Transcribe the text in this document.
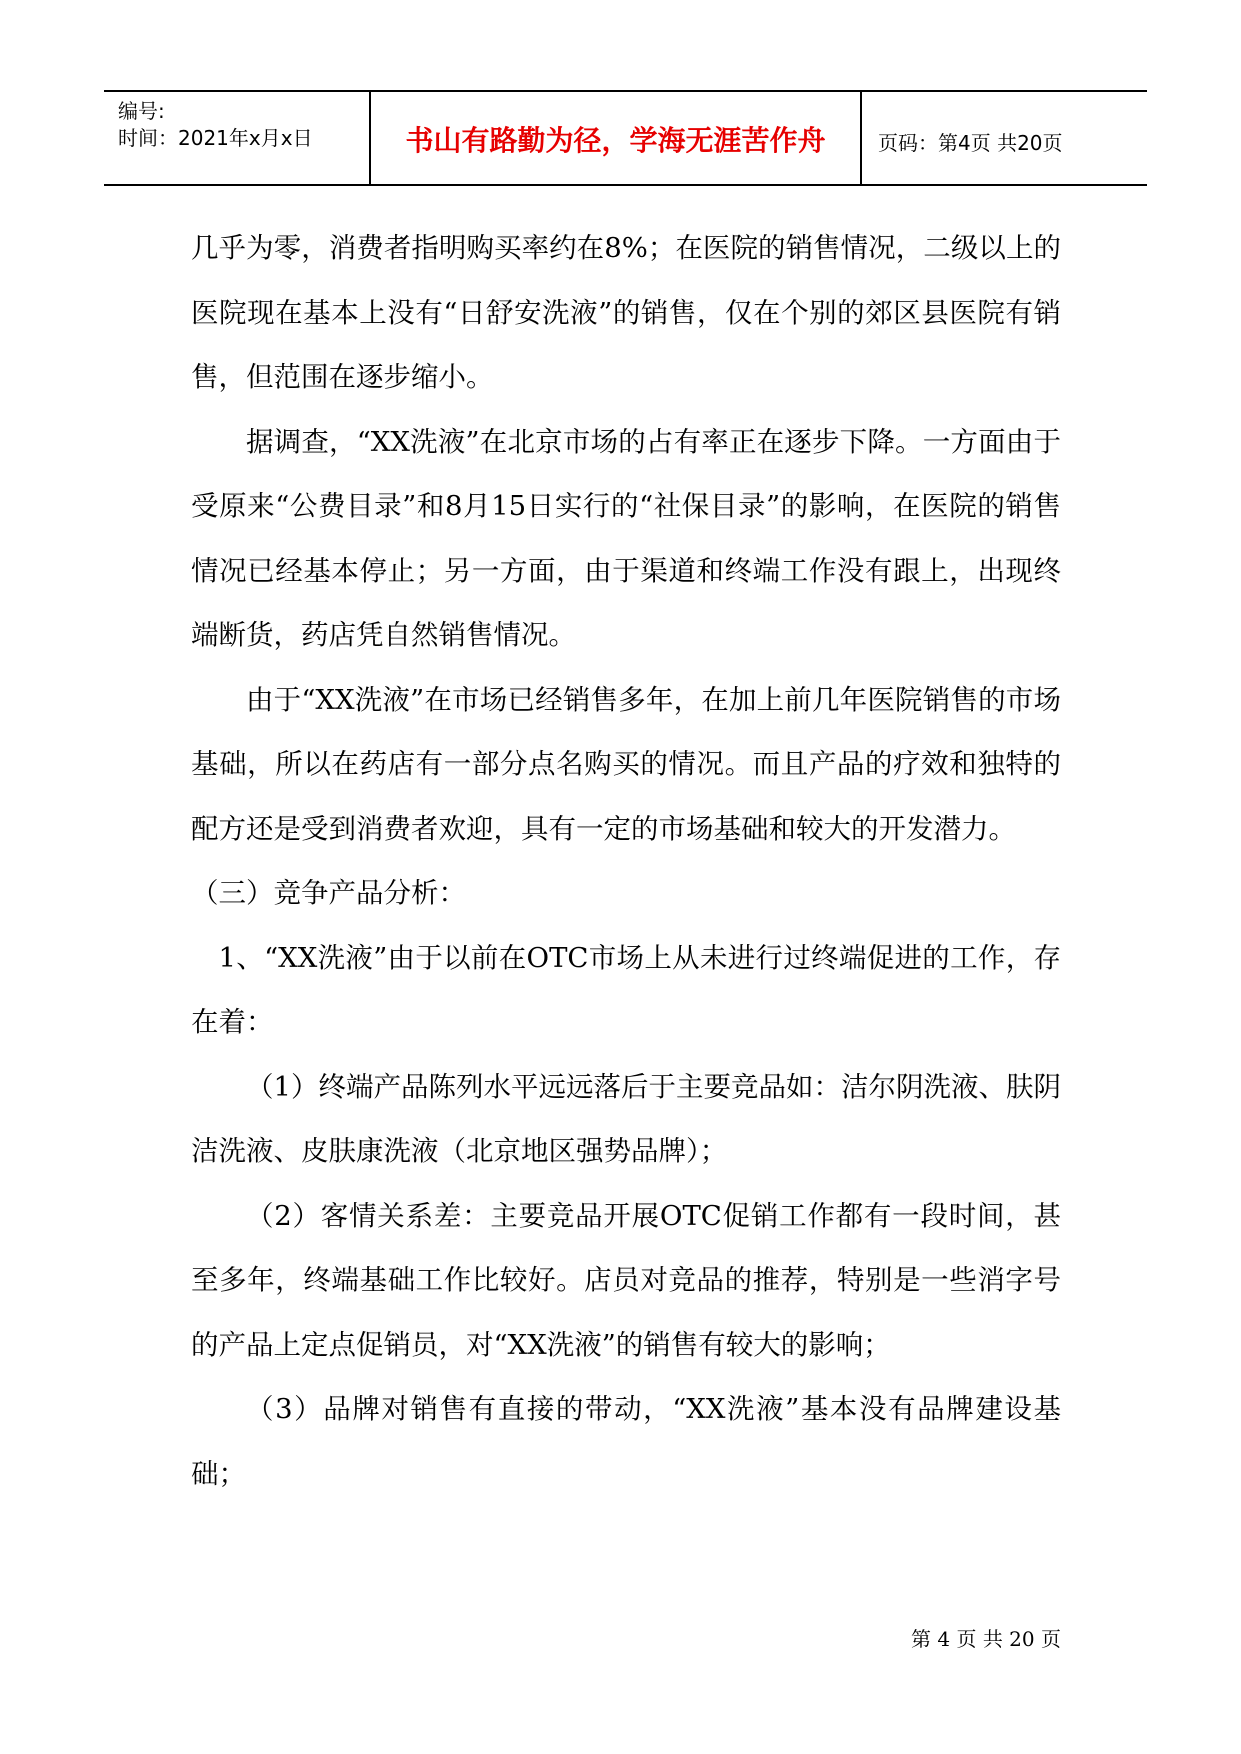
编号:
时间：2021年x月x日	书山有路勤为径，学海无涯苦作舟	页码：第4页 共20页

几乎为零，消费者指明购买率约在8%；在医院的销售情况，二级以上的医院现在基本上没有“日舒安洗液”的销售，仅在个别的郊区县医院有销售，但范围在逐步缩小。

据调查，“XX洗液”在北京市场的占有率正在逐步下降。一方面由于受原来“公费目录”和8月15日实行的“社保目录”的影响，在医院的销售情况已经基本停止；另一方面，由于渠道和终端工作没有跟上，出现终端断货，药店凭自然销售情况。

由于“XX洗液”在市场已经销售多年，在加上前几年医院销售的市场基础，所以在药店有一部分点名购买的情况。而且产品的疗效和独特的配方还是受到消费者欢迎，具有一定的市场基础和较大的开发潜力。

（三）竞争产品分析：

1、“XX洗液”由于以前在OTC市场上从未进行过终端促进的工作，存在着：

（1）终端产品陈列水平远远落后于主要竞品如：洁尔阴洗液、肤阴洁洗液、皮肤康洗液（北京地区强势品牌）；

（2）客情关系差：主要竞品开展OTC促销工作都有一段时间，甚至多年，终端基础工作比较好。店员对竞品的推荐，特别是一些消字号的产品上定点促销员，对“XX洗液”的销售有较大的影响；

（3）品牌对销售有直接的带动，“XX洗液”基本没有品牌建设基础；

第 4 页 共 20 页
